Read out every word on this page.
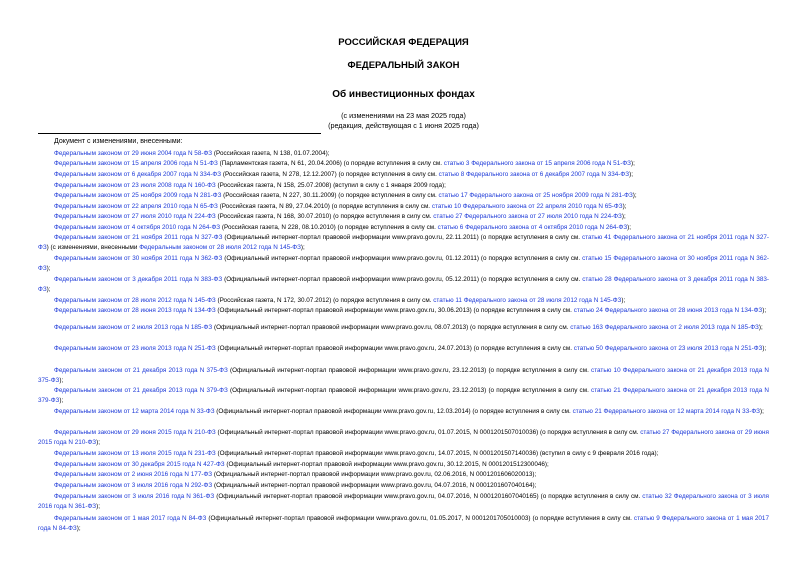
РОССИЙСКАЯ ФЕДЕРАЦИЯ
ФЕДЕРАЛЬНЫЙ ЗАКОН
Об инвестиционных фондах
(с изменениями на 23 мая 2025 года)
(редакция, действующая с 1 июня 2025 года)
Документ с изменениями, внесенными:

Федеральным законом от 29 июня 2004 года N 58-ФЗ (Российская газета, N 138, 01.07.2004);

Федеральным законом от 15 апреля 2006 года N 51-ФЗ (Парламентская газета, N 61, 20.04.2006) (о порядке вступления в силу см. статью 3 Федерального закона от 15 апреля 2006 года N 51-ФЗ);

Федеральным законом от 6 декабря 2007 года N 334-ФЗ (Российская газета, N 278, 12.12.2007) (о порядке вступления в силу см. статью 8 Федерального закона от 6 декабря 2007 года N 334-ФЗ);

Федеральным законом от 23 июля 2008 года N 160-ФЗ (Российская газета, N 158, 25.07.2008) (вступил в силу с 1 января 2009 года);

Федеральным законом от 25 ноября 2009 года N 281-ФЗ (Российская газета, N 227, 30.11.2009) (о порядке вступления в силу см. статью 17 Федерального закона от 25 ноября 2009 года N 281-ФЗ);

Федеральным законом от 22 апреля 2010 года N 65-ФЗ (Российская газета, N 89, 27.04.2010) (о порядке вступления в силу см. статью 10 Федерального закона от 22 апреля 2010 года N 65-ФЗ);

Федеральным законом от 27 июля 2010 года N 224-ФЗ (Российская газета, N 168, 30.07.2010) (о порядке вступления в силу см. статью 27 Федерального закона от 27 июля 2010 года N 224-ФЗ);

Федеральным законом от 4 октября 2010 года N 264-ФЗ (Российская газета, N 228, 08.10.2010) (о порядке вступления в силу см. статью 6 Федерального закона от 4 октября 2010 года N 264-ФЗ);

Федеральным законом от 21 ноября 2011 года N 327-ФЗ (Официальный интернет-портал правовой информации www.pravo.gov.ru, 22.11.2011) (о порядке вступления в силу см. статью 41 Федерального закона от 21 ноября 2011 года N 327-ФЗ) (с изменениями, внесенными Федеральным законом от 28 июля 2012 года N 145-ФЗ);

Федеральным законом от 30 ноября 2011 года N 362-ФЗ (Официальный интернет-портал правовой информации www.pravo.gov.ru, 01.12.2011) (о порядке вступления в силу см. статью 15 Федерального закона от 30 ноября 2011 года N 362-ФЗ);

Федеральным законом от 3 декабря 2011 года N 383-ФЗ (Официальный интернет-портал правовой информации www.pravo.gov.ru, 05.12.2011) (о порядке вступления в силу см. статью 28 Федерального закона от 3 декабря 2011 года N 383-ФЗ);

Федеральным законом от 28 июля 2012 года N 145-ФЗ (Российская газета, N 172, 30.07.2012) (о порядке вступления в силу см. статью 11 Федерального закона от 28 июля 2012 года N 145-ФЗ);

Федеральным законом от 28 июня 2013 года N 134-ФЗ (Официальный интернет-портал правовой информации www.pravo.gov.ru, 30.06.2013) (о порядке вступления в силу см. статью 24 Федерального закона от 28 июня 2013 года N 134-ФЗ);

Федеральным законом от 2 июля 2013 года N 185-ФЗ (Официальный интернет-портал правовой информации www.pravo.gov.ru, 08.07.2013) (о порядке вступления в силу см. статью 163 Федерального закона от 2 июля 2013 года N 185-ФЗ);

Федеральным законом от 23 июля 2013 года N 251-ФЗ (Официальный интернет-портал правовой информации www.pravo.gov.ru, 24.07.2013) (о порядке вступления в силу см. статью 50 Федерального закона от 23 июля 2013 года N 251-ФЗ);

Федеральным законом от 21 декабря 2013 года N 375-ФЗ (Официальный интернет-портал правовой информации www.pravo.gov.ru, 23.12.2013) (о порядке вступления в силу см. статью 10 Федерального закона от 21 декабря 2013 года N 375-ФЗ);

Федеральным законом от 21 декабря 2013 года N 379-ФЗ (Официальный интернет-портал правовой информации www.pravo.gov.ru, 23.12.2013) (о порядке вступления в силу см. статью 21 Федерального закона от 21 декабря 2013 года N 379-ФЗ);

Федеральным законом от 12 марта 2014 года N 33-ФЗ (Официальный интернет-портал правовой информации www.pravo.gov.ru, 12.03.2014) (о порядке вступления в силу см. статью 21 Федерального закона от 12 марта 2014 года N 33-ФЗ);

Федеральным законом от 29 июня 2015 года N 210-ФЗ (Официальный интернет-портал правовой информации www.pravo.gov.ru, 01.07.2015, N 0001201507010036) (о порядке вступления в силу см. статью 27 Федерального закона от 29 июня 2015 года N 210-ФЗ);

Федеральным законом от 13 июля 2015 года N 231-ФЗ (Официальный интернет-портал правовой информации www.pravo.gov.ru, 14.07.2015, N 0001201507140036) (вступил в силу с 9 февраля 2016 года);

Федеральным законом от 30 декабря 2015 года N 427-ФЗ (Официальный интернет-портал правовой информации www.pravo.gov.ru, 30.12.2015, N 0001201512300046);

Федеральным законом от 2 июня 2016 года N 177-ФЗ (Официальный интернет-портал правовой информации www.pravo.gov.ru, 02.06.2016, N 0001201606020013);

Федеральным законом от 3 июля 2016 года N 292-ФЗ (Официальный интернет-портал правовой информации www.pravo.gov.ru, 04.07.2016, N 0001201607040164);

Федеральным законом от 3 июля 2016 года N 361-ФЗ (Официальный интернет-портал правовой информации www.pravo.gov.ru, 04.07.2016, N 0001201607040165) (о порядке вступления в силу см. статью 32 Федерального закона от 3 июля 2016 года N 361-ФЗ);

Федеральным законом от 1 мая 2017 года N 84-ФЗ (Официальный интернет-портал правовой информации www.pravo.gov.ru, 01.05.2017, N 0001201705010003) (о порядке вступления в силу см. статью 9 Федерального закона от 1 мая 2017 года N 84-ФЗ);
